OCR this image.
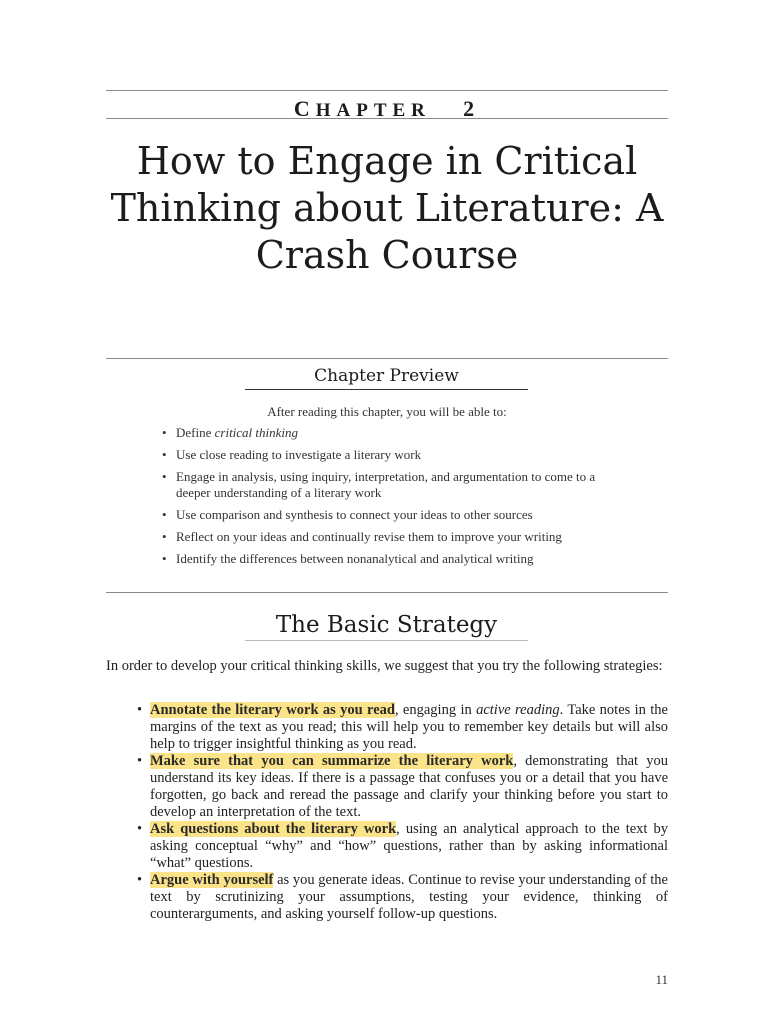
CHAPTER 2
How to Engage in Critical Thinking about Literature: A Crash Course
Chapter Preview
After reading this chapter, you will be able to:
• Define critical thinking
• Use close reading to investigate a literary work
• Engage in analysis, using inquiry, interpretation, and argumentation to come to a deeper understanding of a literary work
• Use comparison and synthesis to connect your ideas to other sources
• Reflect on your ideas and continually revise them to improve your writing
• Identify the differences between nonanalytical and analytical writing
The Basic Strategy

In order to develop your critical thinking skills, we suggest that you try the following strategies:

• Annotate the literary work as you read, engaging in active reading. Take notes in the margins of the text as you read; this will help you to remember key details but will also help to trigger insightful thinking as you read.
• Make sure that you can summarize the literary work, demonstrating that you understand its key ideas. If there is a passage that confuses you or a detail that you have forgotten, go back and reread the passage and clarify your thinking before you start to develop an interpretation of the text.
• Ask questions about the literary work, using an analytical approach to the text by asking conceptual “why” and “how” questions, rather than by asking informational “what” questions.
• Argue with yourself as you generate ideas. Continue to revise your understanding of the text by scrutinizing your assumptions, testing your evidence, thinking of counterarguments, and asking yourself follow-up questions.
11
